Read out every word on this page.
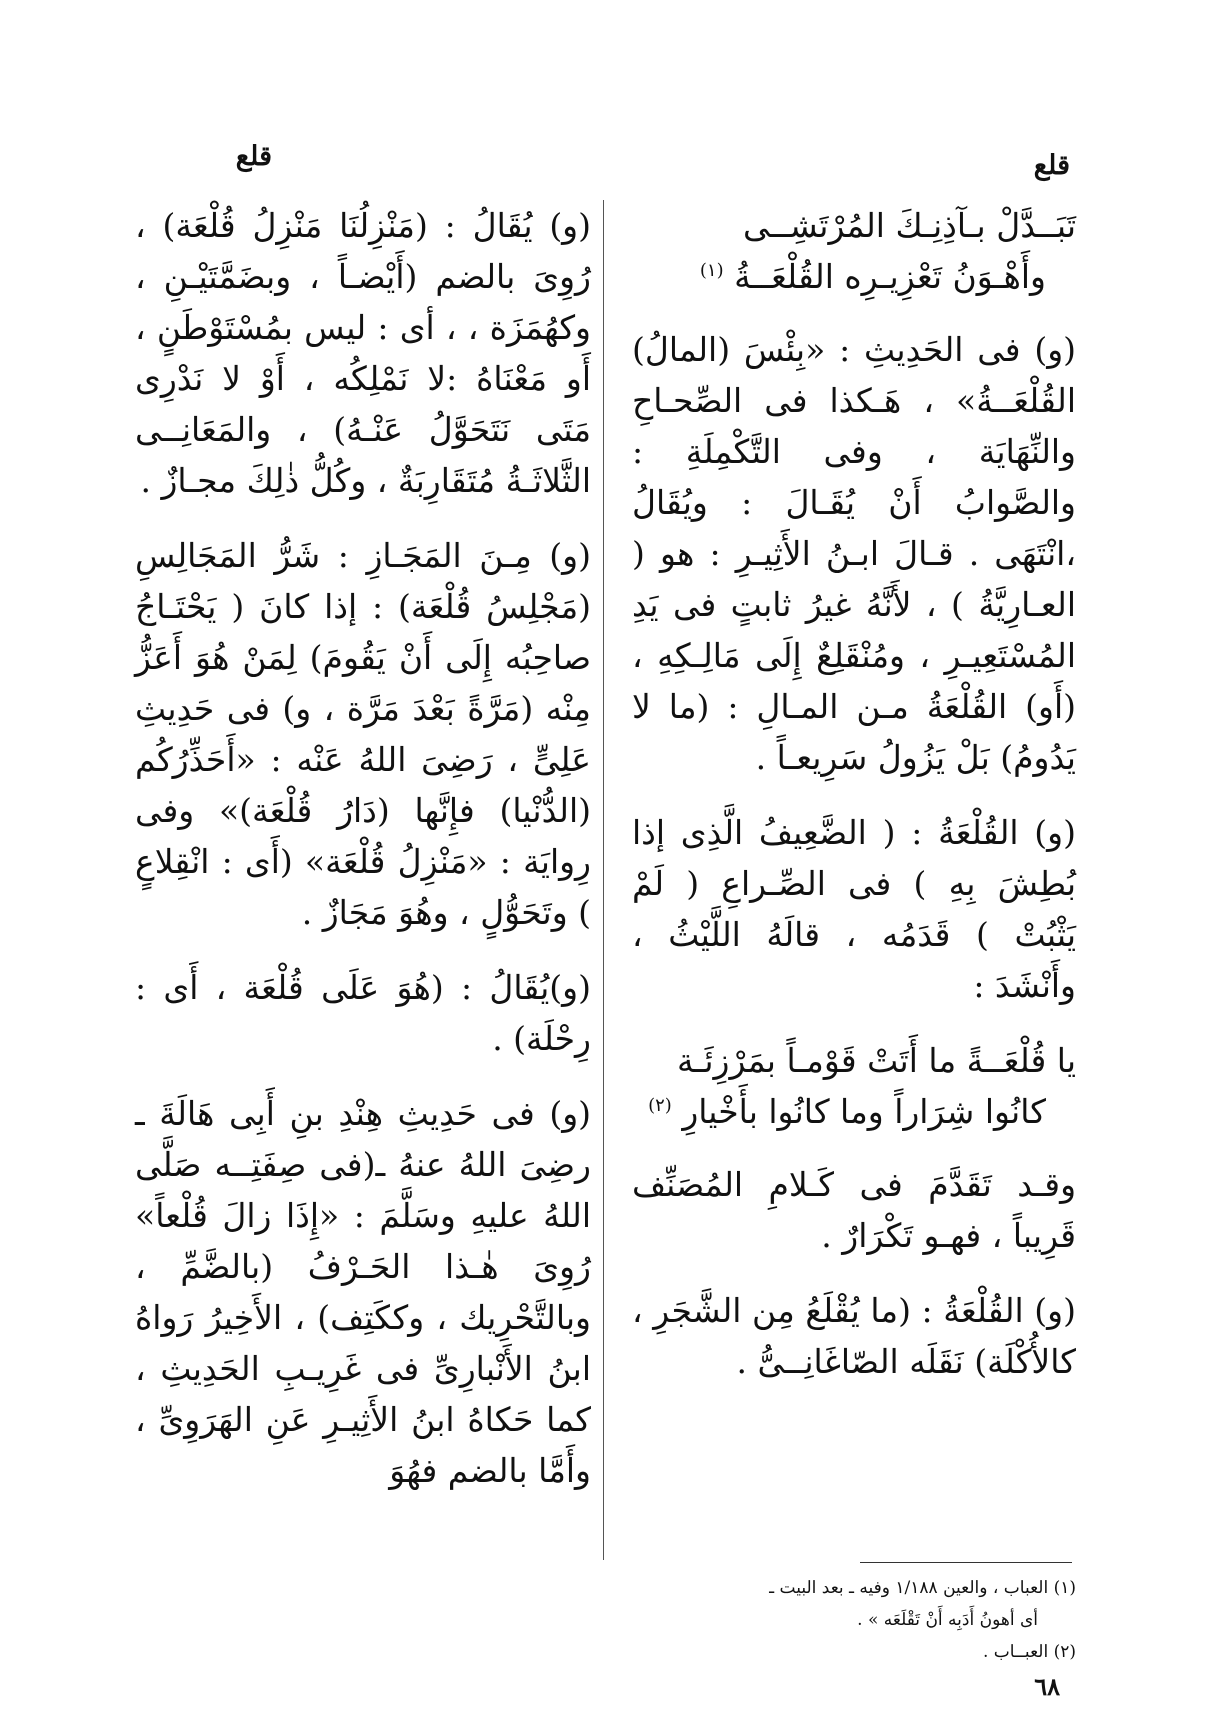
قلع
قلع
تَبَــدَّلْ بـآذِنِـكَ المُرْتَشِــى
وأَهْـوَنُ تَعْزِيـرِه القُلْعَــةُ $^{(١)}$

(و) فى الحَدِيثِ : «بِئْسَ (المالُ) القُلْعَــةُ» ، هَـكذا فى الصِّحـاحِ والنِّهَايَة ، وفى التَّكْمِلَةِ : والصَّوابُ أَنْ يُقَـالَ : ويُقَالُ ،انْتَهَى . قـالَ ابـنُ الأَثِيـرِ : هو ( العـارِيَّةُ ) ، لأَنَّهُ غيرُ ثابتٍ فى يَدِ المُسْتَعِيـرِ ، ومُنْقَلِعٌ إِلَى مَالِـكِهِ ، (أَو) القُلْعَةُ مـن المـالِ : (ما لا يَدُومُ) بَلْ يَزُولُ سَرِيعـاً .

(و) القُلْعَةُ : ( الضَّعِيفُ الَّذِى إذا بُطِشَ بِهِ ) فى الصِّـراعِ ( لَمْ يَثْبُتْ ) قَدَمُه ، قالَهُ اللَّيْثُ ، وأَنْشَدَ :

يا قُلْعَــةً ما أَتَتْ قَوْمـاً بمَرْزِئَـة
كانُوا شِرَاراً وما كانُوا بأَخْيارِ $^{(٢)}$

وقـد تَقَدَّمَ فى كَـلامِ المُصَنِّف قَرِيباً ، فهـو تَكْرَارٌ .

(و) القُلْعَةُ : (ما يُقْلَعُ مِن الشَّجَرِ ، كالأُكْلَة) نَقَلَه الصّاغَانِــىُّ .

(و) يُقَالُ : (مَنْزِلُنَا مَنْزِلُ قُلْعَة) ، رُوِىَ بالضم (أَيْضـاً ، وبضَمَّتَيْـنِ ، وكهُمَزَة ، ، أى : ليس بمُسْتَوْطَنٍ ، أَو مَعْنَاهُ :لا نَمْلِكُه ، أَوْ لا نَدْرِى مَتَى نَتَحَوَّلُ عَنْـهُ) ، والمَعَانِــى الثَّلاثَـةُ مُتَقَارِبَةٌ ، وكُلُّ ذٰلِكَ مجـازٌ .

(و) مِـنَ المَجَـازِ : شَرُّ المَجَالِسِ (مَجْلِسُ قُلْعَة) : إذا كانَ ( يَحْتَـاجُ صاحِبُه إِلَى أَنْ يَقُومَ) لِمَنْ هُوَ أَعَزُّ مِنْه (مَرَّةً بَعْدَ مَرَّة ، و) فى حَدِيثِ عَلِىٍّ ، رَضِىَ اللهُ عَنْه : «أَحَذِّرُكُم (الدُّنْيا) فإِنَّها (دَارُ قُلْعَة)» وفى رِوايَة : «مَنْزِلُ قُلْعَة» (أَى : انْقِلاعٍ ) وتَحَوُّلٍ ، وهُوَ مَجَازٌ .

(و)يُقَالُ : (هُوَ عَلَى قُلْعَة ، أَى : رِحْلَة) .

(و) فى حَدِيثِ هِنْدِ بنِ أَبِى هَالَةَ ـ رضِىَ اللهُ عنهُ ـ(فى صِفَتِــه صَلَّى اللهُ عليهِ وسَلَّمَ : «إِذَا زالَ قُلْعاً» رُوِىَ هٰـذا الحَـرْفُ (بالضَّمِّ ، وبالتَّحْرِيك ، وككَتِف) ، الأَخِيرُ رَواهُ ابنُ الأَنْبارِىِّ فى غَرِيـبِ الحَدِيثِ ، كما حَكاهُ ابنُ الأَثِيـرِ عَنِ الهَرَوِىِّ ، وأَمَّا بالضم فهُوَ

(١) العباب ، والعين ١/١٨٨ وفيه ـ بعد البيت ـ

أى أهونُ أَدَبِه أَنْ تَقْلَعَه » .

(٢) العبــاب .

٦٨
